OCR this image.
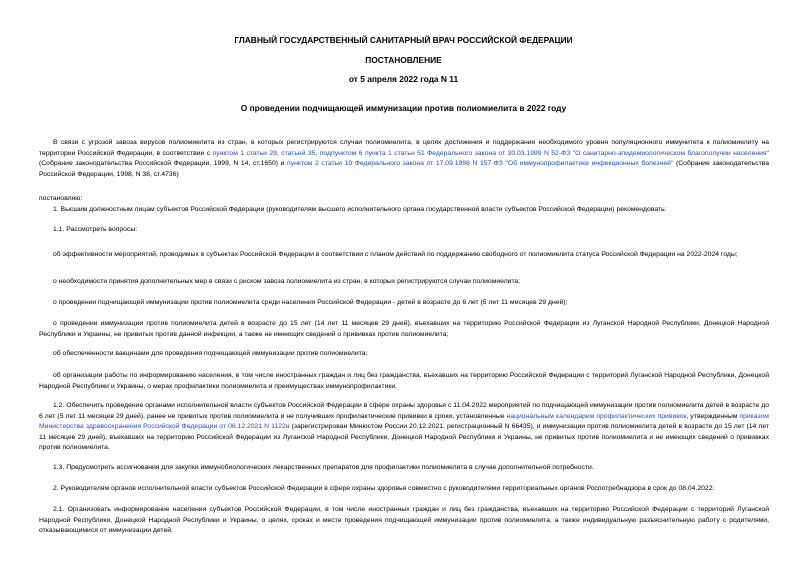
ГЛАВНЫЙ ГОСУДАРСТВЕННЫЙ САНИТАРНЫЙ ВРАЧ РОССИЙСКОЙ ФЕДЕРАЦИИ
ПОСТАНОВЛЕНИЕ
от 5 апреля 2022 года N 11
О проведении подчищающей иммунизации против полиомиелита в 2022 году
В связи с угрозой завоза вирусов полиомиелита из стран, в которых регистрируются случаи полиомиелита, в целях достижения и поддержания необходимого уровня популяционного иммунитета к полиомиелиту на территории Российской Федерации, в соответствии с пунктом 1 статьи 29, статьей 35, подпунктом 6 пункта 1 статьи 51 Федерального закона от 30.03.1999 N 52-ФЗ "О санитарно-эпидемиологическом благополучии населения" (Собрание законодательства Российской Федерации, 1999, N 14, ст.1650) и пунктом 2 статьи 10 Федерального закона от 17.09.1998 N 157-ФЗ "Об иммунопрофилактике инфекционных болезней" (Собрание законодательства Российской Федерации, 1998, N 38, ст.4736)
постановляю:
1. Высшим должностным лицам субъектов Российской Федерации (руководителям высшего исполнительного органа государственной власти субъектов Российской Федерации) рекомендовать:
1.1. Рассмотреть вопросы:
об эффективности мероприятий, проводимых в субъектах Российской Федерации в соответствии с планом действий по поддержанию свободного от полиомиелита статуса Российской Федерации на 2022-2024 годы;
о необходимости принятия дополнительных мер в связи с риском завоза полиомиелита из стран, в которых регистрируются случаи полиомиелита;
о проведении подчищающей иммунизации против полиомиелита среди населения Российской Федерации - детей в возрасте до 6 лет (5 лет 11 месяцев 29 дней);
о проведении иммунизации против полиомиелита детей в возрасте до 15 лет (14 лет 11 месяцев 29 дней), въехавших на территорию Российской Федерации из Луганской Народной Республики, Донецкой Народной Республики и Украины, не привитых против данной инфекции, а также не имеющих сведений о прививках против полиомиелита;
об обеспеченности вакцинами для проведения подчищающей иммунизации против полиомиелита;
об организации работы по информированию населения, в том числе иностранных граждан и лиц без гражданства, въехавших на территорию Российской Федерации с территорий Луганской Народной Республики, Донецкой Народной Республики и Украины, о мерах профилактики полиомиелита и преимуществах иммунопрофилактики.
1.2. Обеспечить проведение органами исполнительной власти субъектов Российской Федерации в сфере охраны здоровья с 11.04.2022 мероприятий по подчищающей иммунизации против полиомиелита детей в возрасте до 6 лет (5 лет 11 месяцев 29 дней), ранее не привитых против полиомиелита и не получивших профилактические прививки в сроки, установленные национальным календарем профилактических прививок, утвержденным приказом Министерства здравоохранения Российской Федерации от 06.12.2021 N 1122н (зарегистрирован Минюстом России 20.12.2021, регистрационный N 66435), и иммунизации против полиомиелита детей в возрасте до 15 лет (14 лет 11 месяцев 29 дней), въехавших на территорию Российской Федерации из Луганской Народной Республики, Донецкой Народной Республики и Украины, не привитых против полиомиелита и не имеющих сведений о прививках против полиомиелита.
1.3. Предусмотреть ассигнования для закупки иммунобиологических лекарственных препаратов для профилактики полиомиелита в случае дополнительной потребности.
2. Руководителям органов исполнительной власти субъектов Российской Федерации в сфере охраны здоровья совместно с руководителями территориальных органов Роспотребнадзора в срок до 08.04.2022:
2.1. Организовать информирование населения субъектов Российской Федерации, в том числе иностранных граждан и лиц без гражданства, въехавших на территорию Российской Федерации с территорий Луганской Народной Республики, Донецкой Народной Республики и Украины, о целях, сроках и месте проведения подчищающей иммунизации против полиомиелита, а также индивидуальную разъяснительную работу с родителями, отказывающимися от иммунизации детей.
